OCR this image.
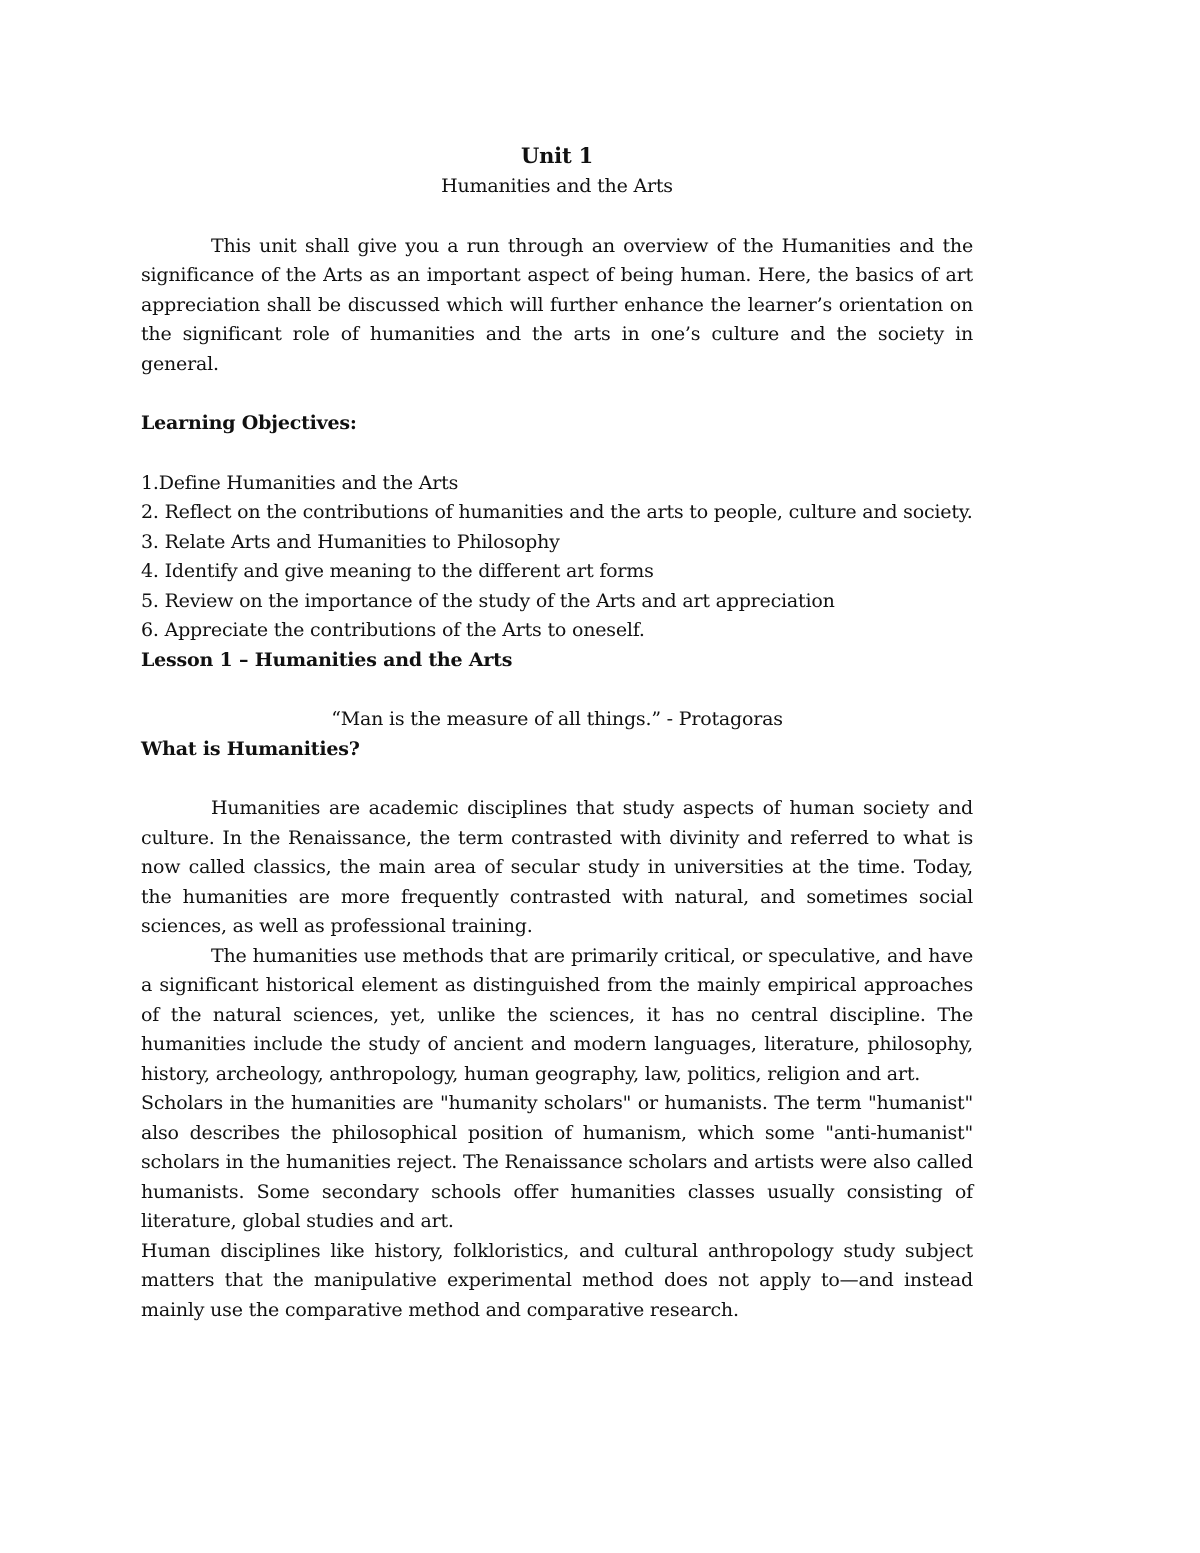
Unit 1

Humanities and the Arts

This unit shall give you a run through an overview of the Humanities and the significance of the Arts as an important aspect of being human. Here, the basics of art appreciation shall be discussed which will further enhance the learner’s orientation on the significant role of humanities and the arts in one’s culture and the society in general.

Learning Objectives:

1.Define Humanities and the Arts
2. Reflect on the contributions of humanities and the arts to people, culture and society.
3. Relate Arts and Humanities to Philosophy
4. Identify and give meaning to the different art forms
5. Review on the importance of the study of the Arts and art appreciation
6. Appreciate the contributions of the Arts to oneself.

Lesson 1 – Humanities and the Arts

“Man is the measure of all things.” - Protagoras

What is Humanities?

Humanities are academic disciplines that study aspects of human society and culture. In the Renaissance, the term contrasted with divinity and referred to what is now called classics, the main area of secular study in universities at the time. Today, the humanities are more frequently contrasted with natural, and sometimes social sciences, as well as professional training.

The humanities use methods that are primarily critical, or speculative, and have a significant historical element as distinguished from the mainly empirical approaches of the natural sciences, yet, unlike the sciences, it has no central discipline. The humanities include the study of ancient and modern languages, literature, philosophy, history, archeology, anthropology, human geography, law, politics, religion and art.

Scholars in the humanities are "humanity scholars" or humanists. The term "humanist" also describes the philosophical position of humanism, which some "anti-humanist" scholars in the humanities reject. The Renaissance scholars and artists were also called humanists. Some secondary schools offer humanities classes usually consisting of literature, global studies and art.

Human disciplines like history, folkloristics, and cultural anthropology study subject matters that the manipulative experimental method does not apply to—and instead mainly use the comparative method and comparative research.
